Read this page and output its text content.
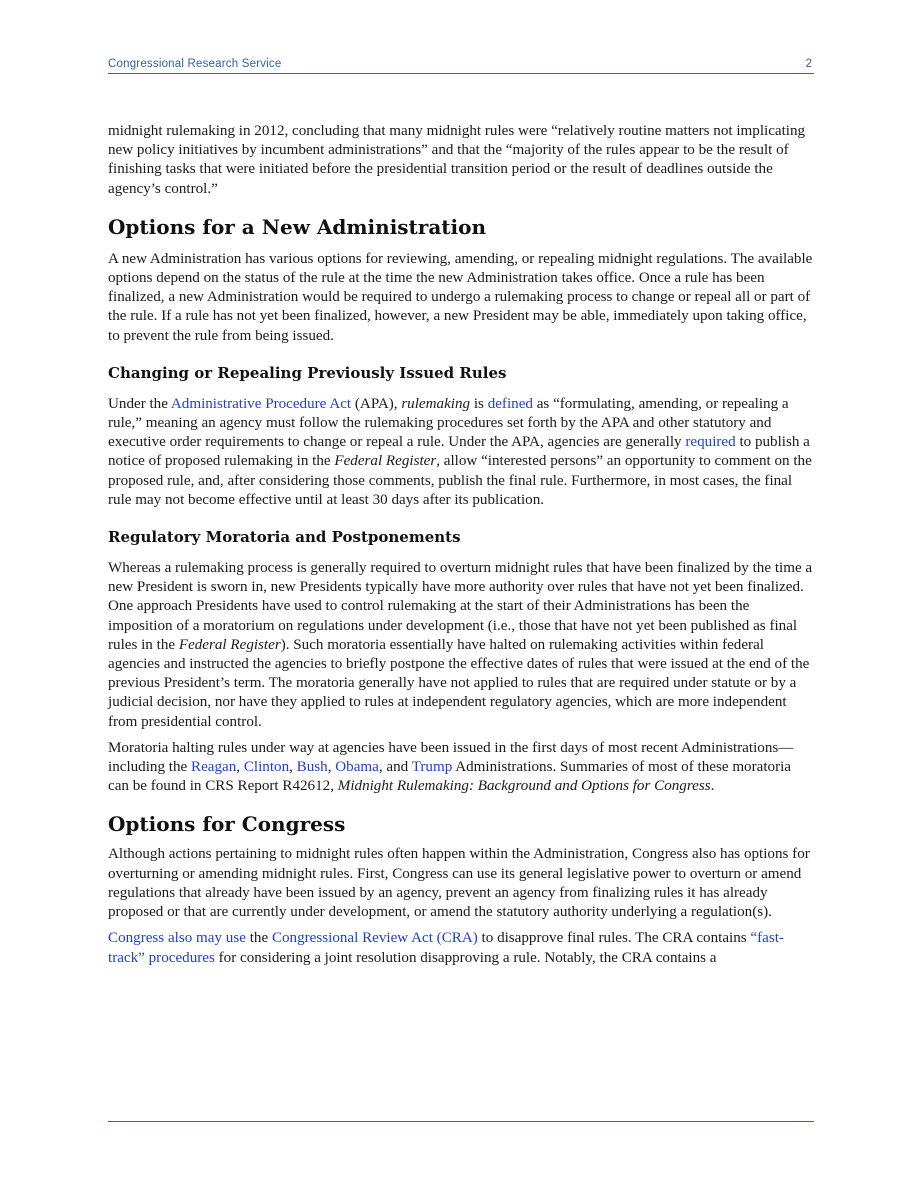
Congressional Research Service	2

midnight rulemaking in 2012, concluding that many midnight rules were “relatively routine matters not implicating new policy initiatives by incumbent administrations” and that the “majority of the rules appear to be the result of finishing tasks that were initiated before the presidential transition period or the result of deadlines outside the agency’s control.”

Options for a New Administration

A new Administration has various options for reviewing, amending, or repealing midnight regulations. The available options depend on the status of the rule at the time the new Administration takes office. Once a rule has been finalized, a new Administration would be required to undergo a rulemaking process to change or repeal all or part of the rule. If a rule has not yet been finalized, however, a new President may be able, immediately upon taking office, to prevent the rule from being issued.

Changing or Repealing Previously Issued Rules

Under the Administrative Procedure Act (APA), rulemaking is defined as “formulating, amending, or repealing a rule,” meaning an agency must follow the rulemaking procedures set forth by the APA and other statutory and executive order requirements to change or repeal a rule. Under the APA, agencies are generally required to publish a notice of proposed rulemaking in the Federal Register, allow “interested persons” an opportunity to comment on the proposed rule, and, after considering those comments, publish the final rule. Furthermore, in most cases, the final rule may not become effective until at least 30 days after its publication.

Regulatory Moratoria and Postponements

Whereas a rulemaking process is generally required to overturn midnight rules that have been finalized by the time a new President is sworn in, new Presidents typically have more authority over rules that have not yet been finalized. One approach Presidents have used to control rulemaking at the start of their Administrations has been the imposition of a moratorium on regulations under development (i.e., those that have not yet been published as final rules in the Federal Register). Such moratoria essentially have halted on rulemaking activities within federal agencies and instructed the agencies to briefly postpone the effective dates of rules that were issued at the end of the previous President’s term. The moratoria generally have not applied to rules that are required under statute or by a judicial decision, nor have they applied to rules at independent regulatory agencies, which are more independent from presidential control.

Moratoria halting rules under way at agencies have been issued in the first days of most recent Administrations—including the Reagan, Clinton, Bush, Obama, and Trump Administrations. Summaries of most of these moratoria can be found in CRS Report R42612, Midnight Rulemaking: Background and Options for Congress.

Options for Congress

Although actions pertaining to midnight rules often happen within the Administration, Congress also has options for overturning or amending midnight rules. First, Congress can use its general legislative power to overturn or amend regulations that already have been issued by an agency, prevent an agency from finalizing rules it has already proposed or that are currently under development, or amend the statutory authority underlying a regulation(s).

Congress also may use the Congressional Review Act (CRA) to disapprove final rules. The CRA contains “fast-track” procedures for considering a joint resolution disapproving a rule. Notably, the CRA contains a
